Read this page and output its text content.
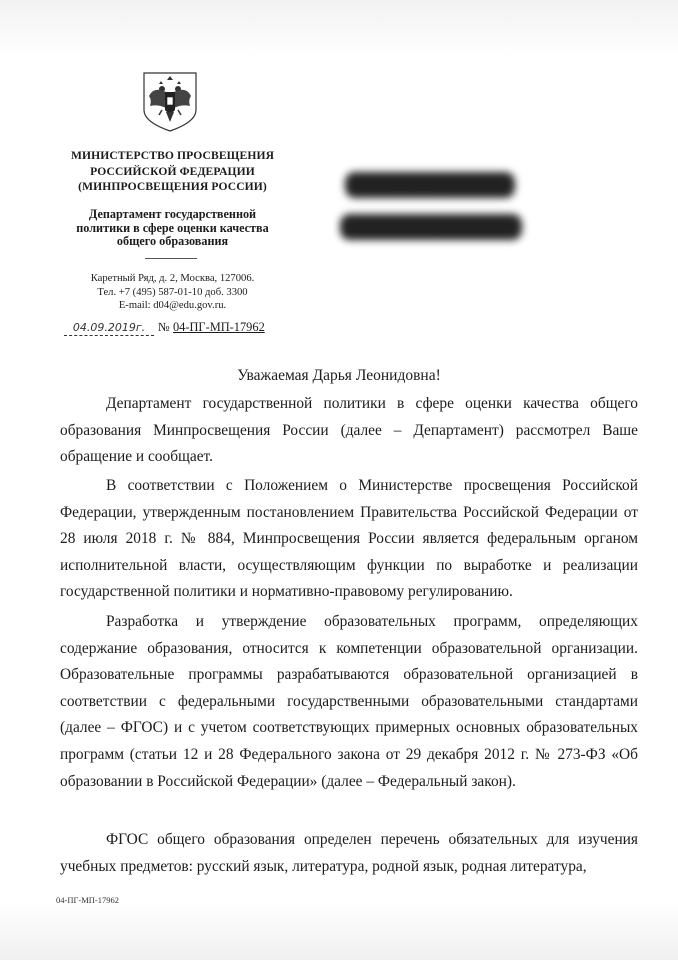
МИНИСТЕРСТВО ПРОСВЕЩЕНИЯ
РОССИЙСКОЙ ФЕДЕРАЦИИ
(МИНПРОСВЕЩЕНИЯ РОССИИ)
Департамент государственной
политики в сфере оценки качества
общего образования
Каретный Ряд, д. 2, Москва, 127006.
Тел. +7 (495) 587-01-10 доб. 3300
E-mail: d04@edu.gov.ru.
04.09.2019г.	№ 04-ПГ-МП-17962
Уважаемая Дарья Леонидовна!
Департамент государственной политики в сфере оценки качества общего образования Минпросвещения России (далее – Департамент) рассмотрел Ваше обращение и сообщает.
В соответствии с Положением о Министерстве просвещения Российской Федерации, утвержденным постановлением Правительства Российской Федерации от 28 июля 2018 г. № 884, Минпросвещения России является федеральным органом исполнительной власти, осуществляющим функции по выработке и реализации государственной политики и нормативно-правовому регулированию.
Разработка и утверждение образовательных программ, определяющих содержание образования, относится к компетенции образовательной организации. Образовательные программы разрабатываются образовательной организацией в соответствии с федеральными государственными образовательными стандартами (далее – ФГОС) и с учетом соответствующих примерных основных образовательных программ (статьи 12 и 28 Федерального закона от 29 декабря 2012 г. № 273-ФЗ «Об образовании в Российской Федерации» (далее – Федеральный закон).
ФГОС общего образования определен перечень обязательных для изучения учебных предметов: русский язык, литература, родной язык, родная литература,
04-ПГ-МП-17962
